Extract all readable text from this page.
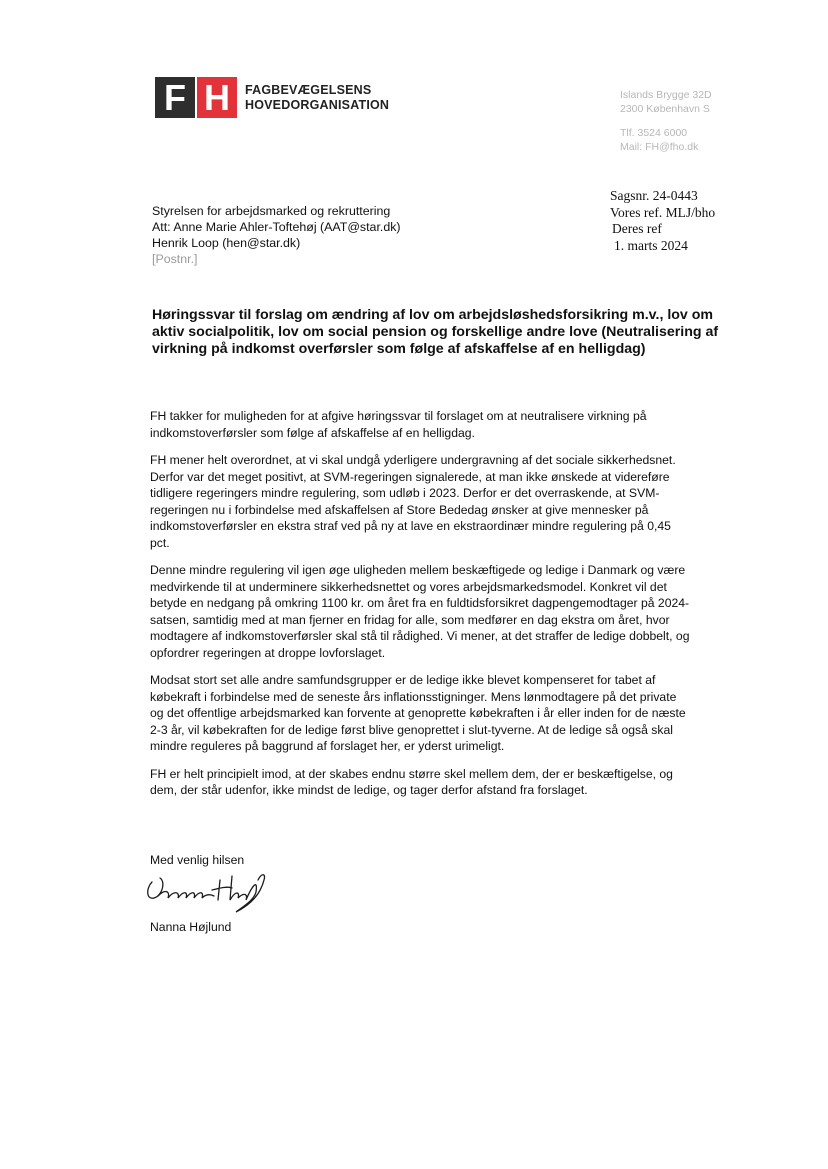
F H	FAGBEVÆGELSENS
HOVEDORGANISATION
Islands Brygge 32D
2300 København S
Tlf. 3524 6000
Mail: FH@fho.dk
Sagsnr. 24-0443
Vores ref. MLJ/bho
Deres ref
1. marts 2024
Styrelsen for arbejdsmarked og rekruttering
Att: Anne Marie Ahler-Toftehøj (AAT@star.dk)
Henrik Loop (hen@star.dk)
[Postnr.]
Høringssvar til forslag om ændring af lov om arbejdsløshedsforsikring m.v., lov om aktiv socialpolitik, lov om social pension og forskellige andre love (Neutralisering af virkning på indkomst overførsler som følge af afskaffelse af en helligdag)

FH takker for muligheden for at afgive høringssvar til forslaget om at neutralisere virkning på indkomstoverførsler som følge af afskaffelse af en helligdag.

FH mener helt overordnet, at vi skal undgå yderligere undergravning af det sociale sikkerhedsnet. Derfor var det meget positivt, at SVM-regeringen signalerede, at man ikke ønskede at videreføre tidligere regeringers mindre regulering, som udløb i 2023. Derfor er det overraskende, at SVM-regeringen nu i forbindelse med afskaffelsen af Store Bededag ønsker at give mennesker på indkomstoverførsler en ekstra straf ved på ny at lave en ekstraordinær mindre regulering på 0,45 pct.

Denne mindre regulering vil igen øge uligheden mellem beskæftigede og ledige i Danmark og være medvirkende til at underminere sikkerhedsnettet og vores arbejdsmarkedsmodel. Konkret vil det betyde en nedgang på omkring 1100 kr. om året fra en fuldtidsforsikret dagpengemodtager på 2024-satsen, samtidig med at man fjerner en fridag for alle, som medfører en dag ekstra om året, hvor modtagere af indkomstoverførsler skal stå til rådighed. Vi mener, at det straffer de ledige dobbelt, og opfordrer regeringen at droppe lovforslaget.

Modsat stort set alle andre samfundsgrupper er de ledige ikke blevet kompenseret for tabet af købekraft i forbindelse med de seneste års inflationsstigninger. Mens lønmodtagere på det private og det offentlige arbejdsmarked kan forvente at genoprette købekraften i år eller inden for de næste 2-3 år, vil købekraften for de ledige først blive genoprettet i slut-tyverne. At de ledige så også skal mindre reguleres på baggrund af forslaget her, er yderst urimeligt.

FH er helt principielt imod, at der skabes endnu større skel mellem dem, der er beskæftigelse, og dem, der står udenfor, ikke mindst de ledige, og tager derfor afstand fra forslaget.

Med venlig hilsen
Nanna Højlund
